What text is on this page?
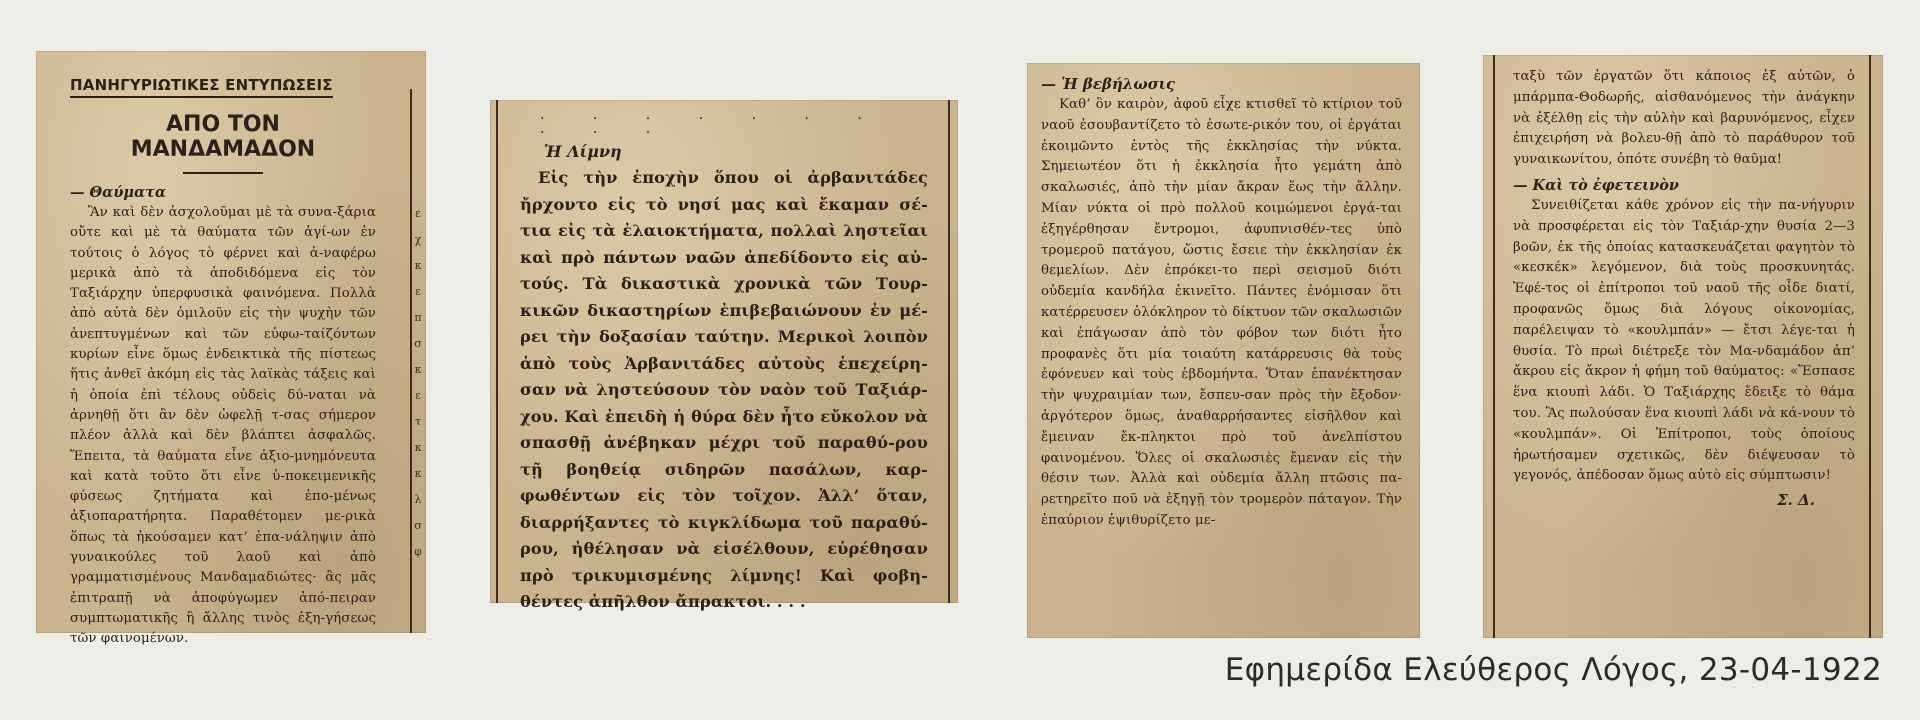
ε
χ
κ
ε
π
σ
κ
ε
τ
κ
κ
λ
σ
φ
ΠΑΝΗΓΥΡΙΩΤΙΚΕΣ ΕΝΤΥΠΩΣΕΙΣ
ΑΠΟ ΤΟΝ ΜΑΝΔΑΜΑΔΟΝ
— Θαύματα

Ἂν καὶ δὲν ἀσχολοῦμαι μὲ τὰ συνα-ξάρια οὔτε καὶ μὲ τὰ θαύματα τῶν ἁγί-ων ἐν τούτοις ὁ λόγος τὸ φέρνει καὶ ἀ-ναφέρω μερικὰ ἀπὸ τὰ ἀποδιδόμενα εἰς τὸν Ταξιάρχην ὑπερφυσικὰ φαινόμενα. Πολλὰ ἀπὸ αὐτὰ δὲν ὁμιλοῦν εἰς τὴν ψυχὴν τῶν ἀνεπτυγμένων καὶ τῶν εὐφω-ταίζόντων κυρίων εἶνε ὅμως ἐνδεικτικὰ τῆς πίστεως ἥτις ἀνθεῖ ἀκόμη εἰς τὰς λαϊκὰς τάξεις καὶ ἡ ὁποία ἐπὶ τέλους οὐδεὶς δύ-ναται νὰ ἀρνηθῇ ὅτι ἂν δὲν ὠφελῇ τ-σας σήμερον πλέον ἀλλὰ καὶ δὲν βλάπτει ἀσφαλῶς. Ἔπειτα, τὰ θαύματα εἶνε ἀξιο-μνημόνευτα καὶ κατὰ τοῦτο ὅτι εἶνε ὑ-ποκειμενικῆς φύσεως ζητήματα καὶ ἐπο-μένως ἀξιοπαρατήρητα. Παραθέτομεν με-ρικὰ ὅπως τὰ ἠκούσαμεν κατ’ ἐπα-νάληψιν ἀπὸ γυναικούλες τοῦ λαοῦ καὶ ἀπὸ γραμματισμένους Μανδαμαδιώτες· ἂς μᾶς ἐπιτραπῇ νὰ ἀποφύγωμεν ἀπό-πειραν συμπτωματικῆς ἢ ἄλλης τινὸς ἐξη-γήσεως τῶν φαινομένων.

. . . . . . . . . .
Ἡ Λίμνη

Εἰς τὴν ἐποχὴν ὅπου οἱ ἀρβανιτάδες ἤρχοντο εἰς τὸ νησί μας καὶ ἔκαμαν σέ-τια εἰς τὰ ἐλαιοκτήματα, πολλαὶ ληστεῖαι καὶ πρὸ πάντων ναῶν ἀπεδίδοντο εἰς αὐ-τούς. Τὰ δικαστικὰ χρονικὰ τῶν Τουρ-κικῶν δικαστηρίων ἐπιβεβαιώνουν ἐν μέ-ρει τὴν δοξασίαν ταύτην. Μερικοὶ λοιπὸν ἀπὸ τοὺς Ἀρβανιτάδες αὐτοὺς ἐπεχείρη-σαν νὰ ληστεύσουν τὸν ναὸν τοῦ Ταξιάρ-χου. Καὶ ἐπειδὴ ἡ θύρα δὲν ἦτο εὔκολον νὰ σπασθῇ ἀνέβηκαν μέχρι τοῦ παραθύ-ρου τῇ βοηθείᾳ σιδηρῶν πασάλων, καρ-φωθέντων εἰς τὸν τοῖχον. Ἀλλ’ ὅταν, διαρρήξαντες τὸ κιγκλίδωμα τοῦ παραθύ-ρου, ἠθέλησαν νὰ εἰσέλθουν, εὑρέθησαν πρὸ τρικυμισμένης λίμνης! Καὶ φοβη-θέντες ἀπῆλθον ἄπρακτοι. . . .

— Ἡ βεβήλωσις

Καθ’ ὃν καιρὸν, ἀφοῦ εἶχε κτισθεῖ τὸ κτίριον τοῦ ναοῦ ἐσουβαντίζετο τὸ ἐσωτε-ρικόν του, οἱ ἐργάται ἐκοιμῶντο ἐντὸς τῆς ἐκκλησίας τὴν νύκτα. Σημειωτέον ὅτι ἡ ἐκκλησία ἦτο γεμάτη ἀπὸ σκαλωσιές, ἀπὸ τὴν μίαν ἄκραν ἕως τὴν ἄλλην. Μίαν νύκτα οἱ πρὸ πολλοῦ κοιμώμενοι ἐργά-ται ἐξηγέρθησαν ἔντρομοι, ἀφυπνισθέν-τες ὑπὸ τρομεροῦ πατάγου, ὥστις ἔσειε τὴν ἐκκλησίαν ἐκ θεμελίων. Δὲν ἐπρόκει-το περὶ σεισμοῦ διότι οὐδεμία κανδήλα ἐκινεῖτο. Πάντες ἐνόμισαν ὅτι κατέρρευσεν ὁλόκληρον τὸ δίκτυον τῶν σκαλωσιῶν καὶ ἐπάγωσαν ἀπὸ τὸν φόβον των διότι ἦτο προφανὲς ὅτι μία τοιαύτη κατάρρευσις θὰ τοὺς ἐφόνευεν καὶ τοὺς ἑβδομήντα. Ὅταν ἐπανέκτησαν τὴν ψυχραιμίαν των, ἔσπευ-σαν πρὸς τὴν ἔξοδον· ἀργότερον ὅμως, ἀναθαρρήσαντες εἰσῆλθον καὶ ἔμειναν ἔκ-πληκτοι πρὸ τοῦ ἀνελπίστου φαινομένου. Ὅλες οἱ σκαλωσιὲς ἔμεναν εἰς τὴν θέσιν των. Ἀλλὰ καὶ οὐδεμία ἄλλη πτῶσις πα-ρετηρεῖτο ποῦ νὰ ἐξηγῇ τὸν τρομερὸν πάταγον. Τὴν ἐπαύριον ἐψιθυρίζετο με-

ταξὺ τῶν ἐργατῶν ὅτι κάποιος ἐξ αὐτῶν, ὁ μπάρμπα-Θοδωρῆς, αἰσθανόμενος τὴν ἀνάγκην νὰ ἐξέλθῃ εἰς τὴν αὐλὴν καὶ βαρυνόμενος, εἶχεν ἐπιχειρήση νὰ βολευ-θῇ ἀπὸ τὸ παράθυρον τοῦ γυναικωνίτου, ὁπότε συνέβη τὸ θαῦμα!

— Καὶ τὸ ἐφετεινὸν

Συνειθίζεται κάθε χρόνον εἰς τὴν πα-νήγυριν νὰ προσφέρεται εἰς τὸν Ταξιάρ-χην θυσία 2—3 βοῶν, ἐκ τῆς ὁποίας κατασκευάζεται φαγητὸν τὸ «κεσκέκ» λεγόμενον, διὰ τοὺς προσκυνητάς. Ἐφέ-τος οἱ ἐπίτροποι τοῦ ναοῦ τῆς οἶδε διατί, προφανῶς ὅμως διὰ λόγους οἰκονομίας, παρέλειψαν τὸ «κουλμπάν» — ἔτσι λέγε-ται ἡ θυσία. Τὸ πρωὶ διέτρεξε τὸν Μα-νδαμάδον ἀπ’ ἄκρου εἰς ἄκρον ἡ φήμη τοῦ θαύματος: «Ἔσπασε ἕνα κιουπὶ λάδι. Ὁ Ταξιάρχης ἔδειξε τὸ θάμα του. Ἂς πωλούσαν ἕνα κιουπὶ λάδι νὰ κά-νουν τὸ «κουλμπάν». Οἱ Ἐπίτροποι, τοὺς ὁποίους ἠρωτήσαμεν σχετικῶς, δὲν διέψευσαν τὸ γεγονός, ἀπέδοσαν ὅμως αὐτὸ εἰς σύμπτωσιν!

Σ. Δ.
Εφημερίδα Ελεύθερος Λόγος, 23-04-1922
